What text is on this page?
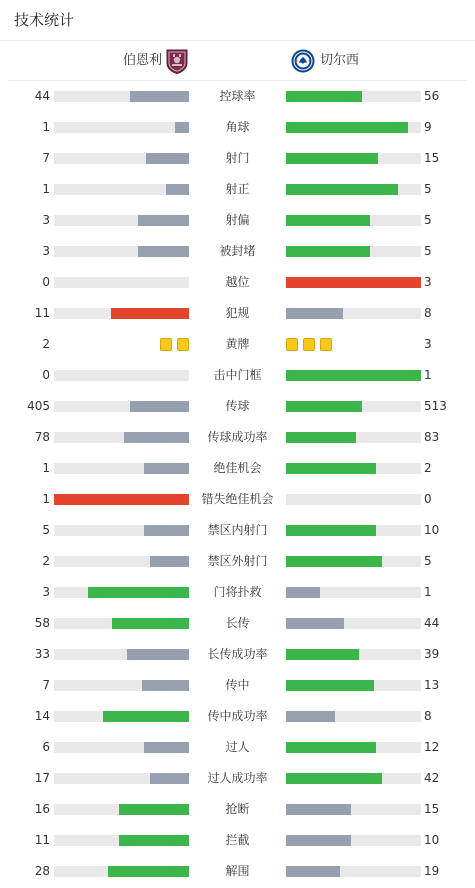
技术统计
伯恩利	切尔西
44	控球率	56
1	角球	9
7	射门	15
1	射正	5
3	射偏	5
3	被封堵	5
0	越位	3
11	犯规	8
2	黄牌	3
0	击中门框	1
405	传球	513
78	传球成功率	83
1	绝佳机会	2
1	错失绝佳机会	0
5	禁区内射门	10
2	禁区外射门	5
3	门将扑救	1
58	长传	44
33	长传成功率	39
7	传中	13
14	传中成功率	8
6	过人	12
17	过人成功率	42
16	抢断	15
11	拦截	10
28	解围	19
